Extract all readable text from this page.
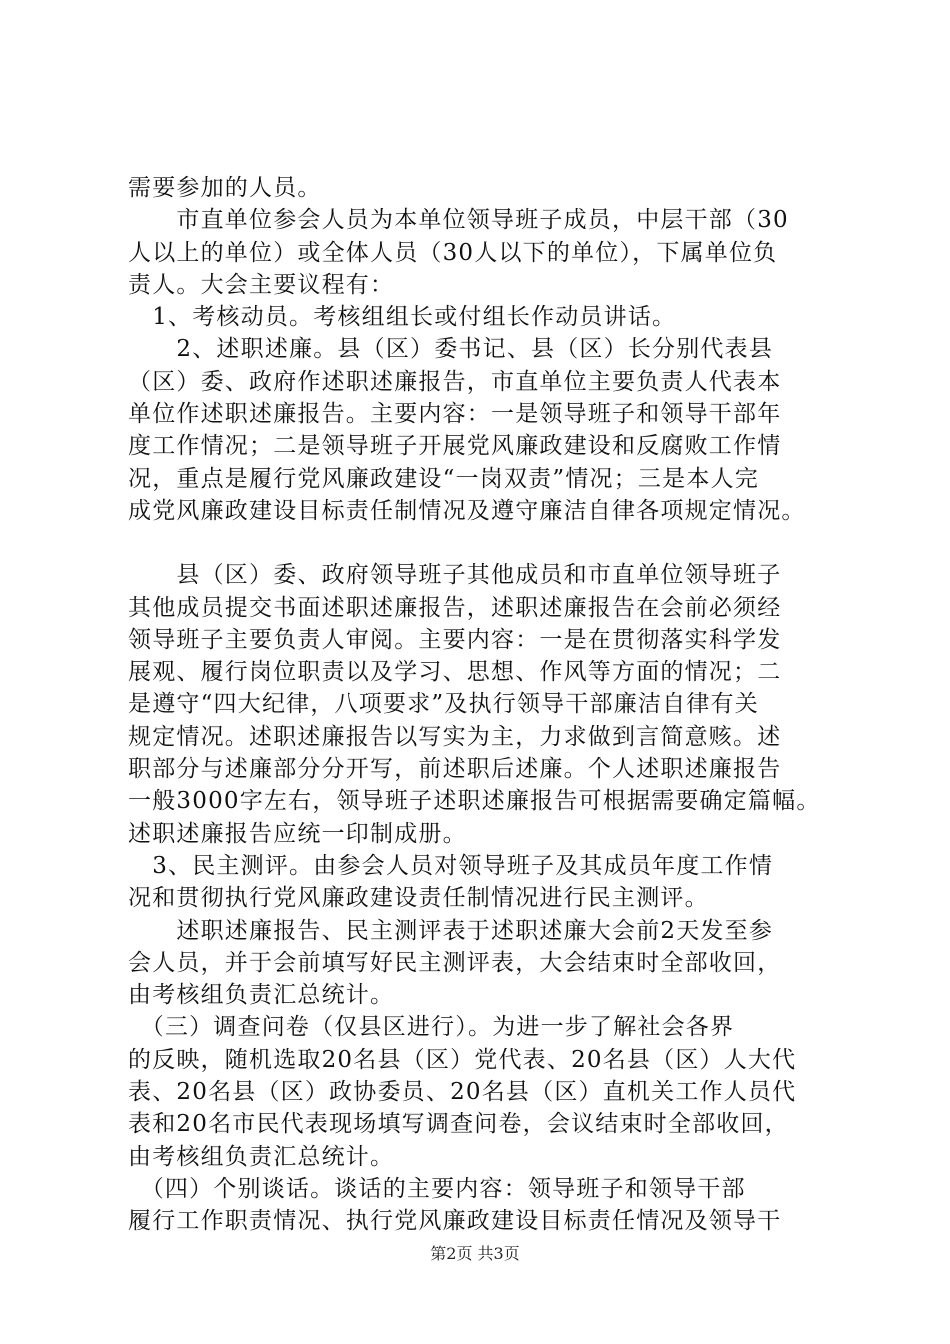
需要参加的人员。
　　市直单位参会人员为本单位领导班子成员，中层干部（30
人以上的单位）或全体人员（30人以下的单位），下属单位负
责人。大会主要议程有：
　1、考核动员。考核组组长或付组长作动员讲话。
　　2、述职述廉。县（区）委书记、县（区）长分别代表县
（区）委、政府作述职述廉报告，市直单位主要负责人代表本
单位作述职述廉报告。主要内容：一是领导班子和领导干部年
度工作情况；二是领导班子开展党风廉政建设和反腐败工作情
况，重点是履行党风廉政建设“一岗双责”情况；三是本人完
成党风廉政建设目标责任制情况及遵守廉洁自律各项规定情况。
　　县（区）委、政府领导班子其他成员和市直单位领导班子
其他成员提交书面述职述廉报告，述职述廉报告在会前必须经
领导班子主要负责人审阅。主要内容：一是在贯彻落实科学发
展观、履行岗位职责以及学习、思想、作风等方面的情况；二
是遵守“四大纪律，八项要求”及执行领导干部廉洁自律有关
规定情况。述职述廉报告以写实为主，力求做到言简意赅。述
职部分与述廉部分分开写，前述职后述廉。个人述职述廉报告
一般3000字左右，领导班子述职述廉报告可根据需要确定篇幅。
述职述廉报告应统一印制成册。
　3、民主测评。由参会人员对领导班子及其成员年度工作情
况和贯彻执行党风廉政建设责任制情况进行民主测评。
　　述职述廉报告、民主测评表于述职述廉大会前2天发至参
会人员，并于会前填写好民主测评表，大会结束时全部收回，
由考核组负责汇总统计。
　（三）调查问卷（仅县区进行）。为进一步了解社会各界
的反映，随机选取20名县（区）党代表、20名县（区）人大代
表、20名县（区）政协委员、20名县（区）直机关工作人员代
表和20名市民代表现场填写调查问卷，会议结束时全部收回，
由考核组负责汇总统计。
　（四）个别谈话。谈话的主要内容：领导班子和领导干部
履行工作职责情况、执行党风廉政建设目标责任情况及领导干
第2页 共3页
